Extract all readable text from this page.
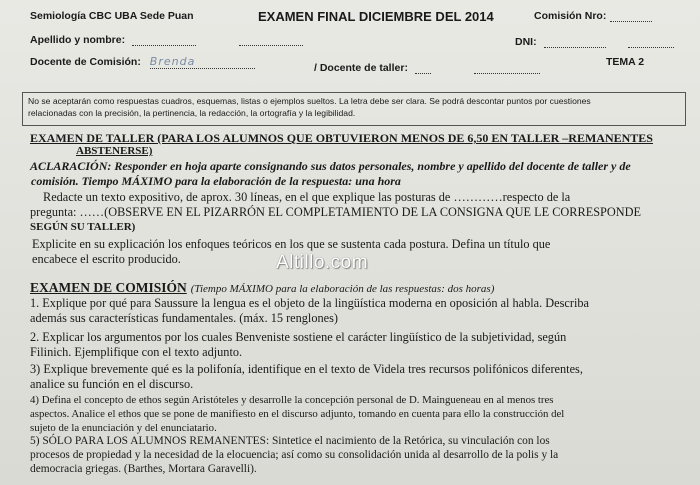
Semiología CBC UBA Sede Puan	EXAMEN FINAL DICIEMBRE DEL 2014	Comisión Nro:
Apellido y nombre:	DNI:
Docente de Comisión: Brenda	/ Docente de taller:	TEMA 2
No se aceptarán como respuestas cuadros, esquemas, listas o ejemplos sueltos. La letra debe ser clara. Se podrá descontar puntos por cuestiones
relacionadas con la precisión, la pertinencia, la redacción, la ortografía y la legibilidad.
EXAMEN DE TALLER (PARA LOS ALUMNOS QUE OBTUVIERON MENOS DE 6,50 EN TALLER –REMANENTES
ABSTENERSE)
ACLARACIÓN: Responder en hoja aparte consignando sus datos personales, nombre y apellido del docente de taller y de
comisión. Tiempo MÁXIMO para la elaboración de la respuesta: una hora
Redacte un texto expositivo, de aprox. 30 líneas, en el que explique las posturas de …………respecto de la
pregunta: ……(OBSERVE EN EL PIZARRÓN EL COMPLETAMIENTO DE LA CONSIGNA QUE LE CORRESPONDE
SEGÚN SU TALLER)
Explicite en su explicación los enfoques teóricos en los que se sustenta cada postura. Defina un título que
encabece el escrito producido.	Altillo.com
EXAMEN DE COMISIÓN (Tiempo MÁXIMO para la elaboración de las respuestas: dos horas)
1. Explique por qué para Saussure la lengua es el objeto de la lingüística moderna en oposición al habla. Describa
además sus características fundamentales. (máx. 15 renglones)
2. Explicar los argumentos por los cuales Benveniste sostiene el carácter lingüístico de la subjetividad, según
Filinich. Ejemplifique con el texto adjunto.
3) Explique brevemente qué es la polifonía, identifique en el texto de Videla tres recursos polifónicos diferentes,
analice su función en el discurso.
4) Defina el concepto de ethos según Aristóteles y desarrolle la concepción personal de D. Maingueneau en al menos tres
aspectos. Analice el ethos que se pone de manifiesto en el discurso adjunto, tomando en cuenta para ello la construcción del
sujeto de la enunciación y del enunciatario.
5) SÓLO PARA LOS ALUMNOS REMANENTES: Sintetice el nacimiento de la Retórica, su vinculación con los
procesos de propiedad y la necesidad de la elocuencia; así como su consolidación unida al desarrollo de la polis y la
democracia griegas. (Barthes, Mortara Garavelli).
